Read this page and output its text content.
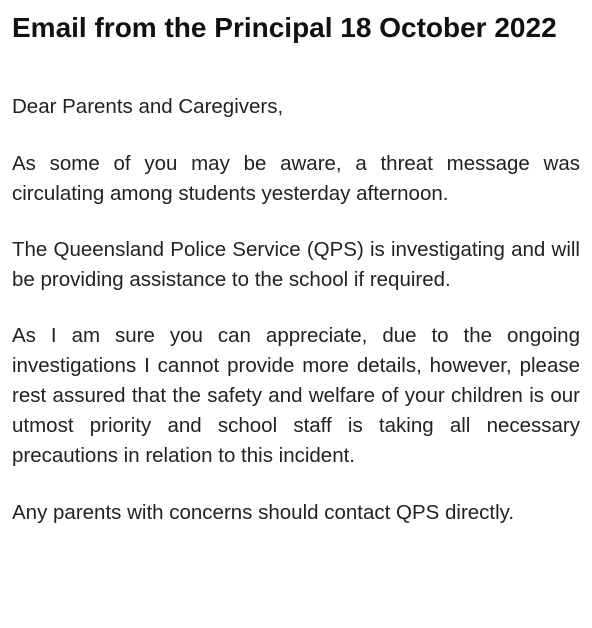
Email from the Principal 18 October 2022

Dear Parents and Caregivers,

As some of you may be aware, a threat message was circulating among students yesterday afternoon.

The Queensland Police Service (QPS) is investigating and will be providing assistance to the school if required.

As I am sure you can appreciate, due to the ongoing investigations I cannot provide more details, however, please rest assured that the safety and welfare of your children is our utmost priority and school staff is taking all necessary precautions in relation to this incident.

Any parents with concerns should contact QPS directly.
